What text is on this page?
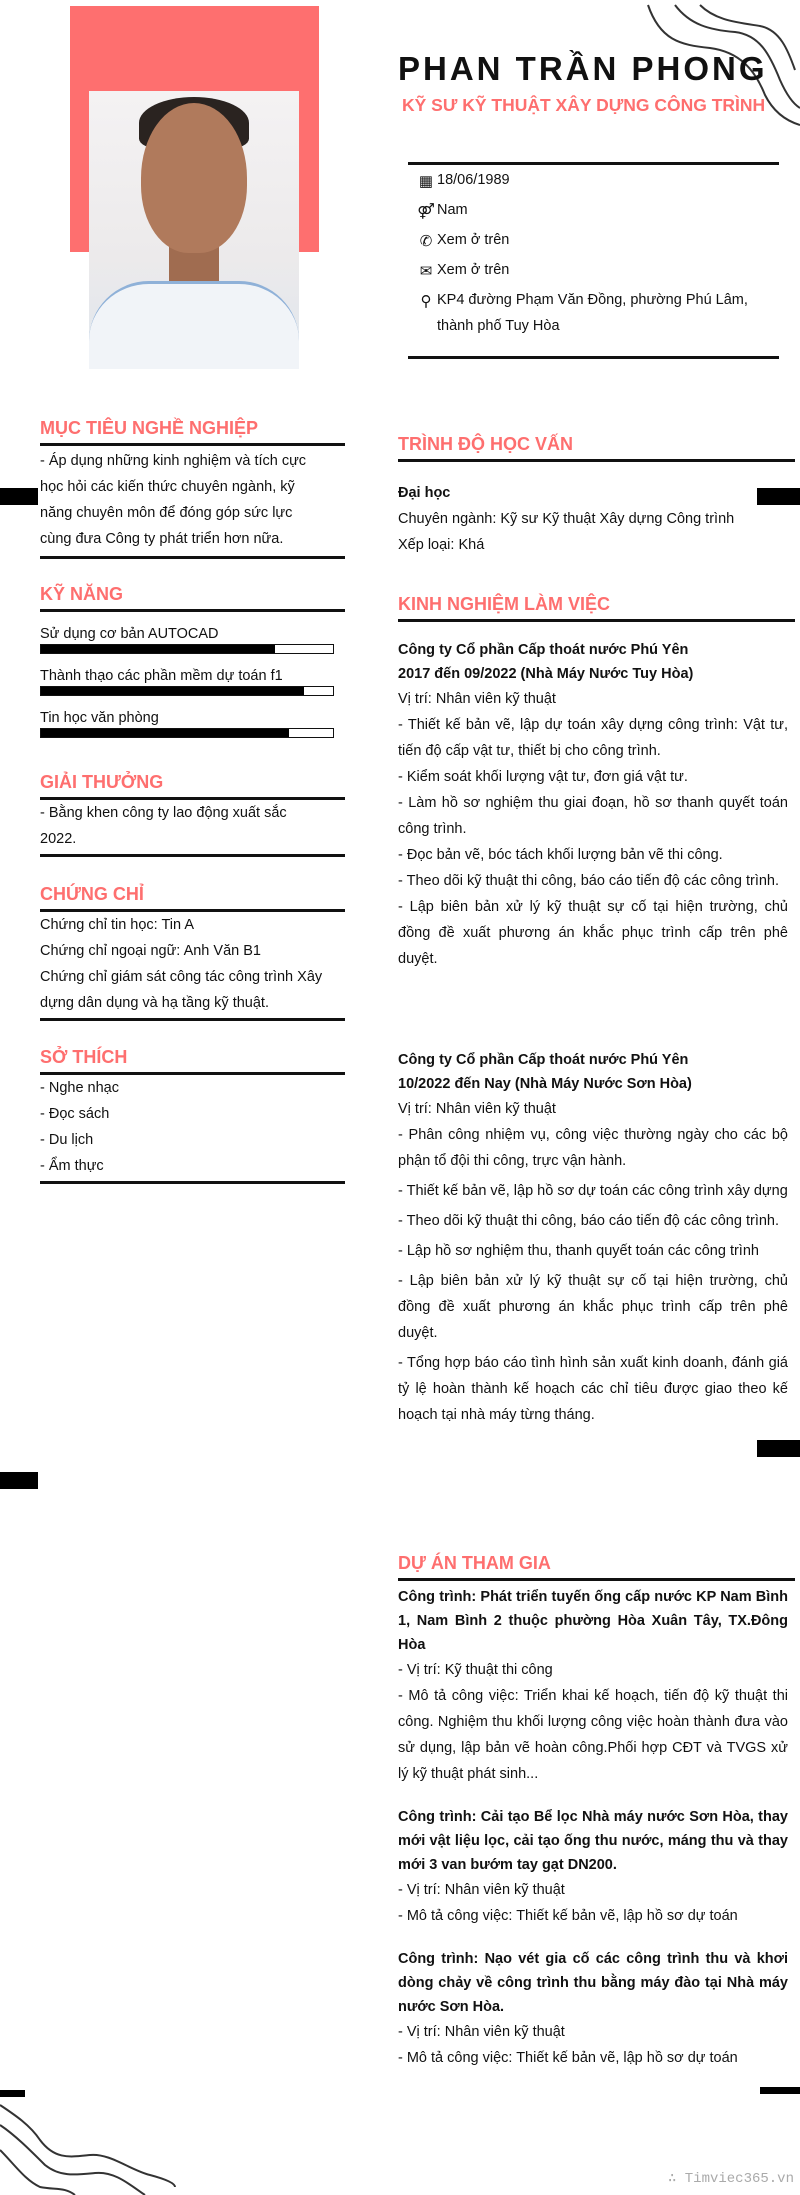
PHAN TRẦN PHONG
KỸ SƯ KỸ THUẬT XÂY DỰNG CÔNG TRÌNH
▦ 18/06/1989
⚤ Nam
✆ Xem ở trên
✉ Xem ở trên
⚲ KP4 đường Phạm Văn Đồng, phường Phú Lâm, thành phố Tuy Hòa
MỤC TIÊU NGHỀ NGHIỆP
- Áp dụng những kinh nghiệm và tích cực học hỏi các kiến thức chuyên ngành, kỹ năng chuyên môn để đóng góp sức lực cùng đưa Công ty phát triển hơn nữa.
KỸ NĂNG
Sử dụng cơ bản AUTOCAD
Thành thạo các phần mềm dự toán f1
Tin học văn phòng
GIẢI THƯỞNG
- Bằng khen công ty lao động xuất sắc 2022.
CHỨNG CHỈ
Chứng chỉ tin học: Tin A
Chứng chỉ ngoại ngữ: Anh Văn B1
Chứng chỉ giám sát công tác công trình Xây dựng dân dụng và hạ tầng kỹ thuật.
SỞ THÍCH
- Nghe nhạc
- Đọc sách
- Du lịch
- Ẩm thực
TRÌNH ĐỘ HỌC VẤN
Đại học
Chuyên ngành: Kỹ sư Kỹ thuật Xây dựng Công trình
Xếp loại: Khá
KINH NGHIỆM LÀM VIỆC
Công ty Cổ phần Cấp thoát nước Phú Yên
2017 đến 09/2022 (Nhà Máy Nước Tuy Hòa)
Vị trí: Nhân viên kỹ thuật
- Thiết kế bản vẽ, lập dự toán xây dựng công trình: Vật tư, tiến độ cấp vật tư, thiết bị cho công trình.
- Kiểm soát khối lượng vật tư, đơn giá vật tư.
- Làm hồ sơ nghiệm thu giai đoạn, hồ sơ thanh quyết toán công trình.
- Đọc bản vẽ, bóc tách khối lượng bản vẽ thi công.
- Theo dõi kỹ thuật thi công, báo cáo tiến độ các công trình.
- Lập biên bản xử lý kỹ thuật sự cố tại hiện trường, chủ đồng đề xuất phương án khắc phục trình cấp trên phê duyệt.
Công ty Cổ phần Cấp thoát nước Phú Yên
10/2022 đến Nay (Nhà Máy Nước Sơn Hòa)
Vị trí: Nhân viên kỹ thuật
- Phân công nhiệm vụ, công việc thường ngày cho các bộ phận tổ đội thi công, trực vận hành.
- Thiết kế bản vẽ, lập hồ sơ dự toán các công trình xây dựng
- Theo dõi kỹ thuật thi công, báo cáo tiến độ các công trình.
- Lập hồ sơ nghiệm thu, thanh quyết toán các công trình
- Lập biên bản xử lý kỹ thuật sự cố tại hiện trường, chủ đồng đề xuất phương án khắc phục trình cấp trên phê duyệt.
- Tổng hợp báo cáo tình hình sản xuất kinh doanh, đánh giá tỷ lệ hoàn thành kế hoạch các chỉ tiêu được giao theo kế hoạch tại nhà máy từng tháng.
DỰ ÁN THAM GIA
Công trình: Phát triển tuyến ống cấp nước KP Nam Bình 1, Nam Bình 2 thuộc phường Hòa Xuân Tây, TX.Đông Hòa
- Vị trí: Kỹ thuật thi công
- Mô tả công việc: Triển khai kế hoạch, tiến độ kỹ thuật thi công. Nghiệm thu khối lượng công việc hoàn thành đưa vào sử dụng, lập bản vẽ hoàn công.Phối hợp CĐT và TVGS xử lý kỹ thuật phát sinh...
Công trình: Cải tạo Bể lọc Nhà máy nước Sơn Hòa, thay mới vật liệu lọc, cải tạo ống thu nước, máng thu và thay mới 3 van bướm tay gạt DN200.
- Vị trí: Nhân viên kỹ thuật
- Mô tả công việc: Thiết kế bản vẽ, lập hồ sơ dự toán
Công trình: Nạo vét gia cố các công trình thu và khơi dòng chảy về công trình thu bằng máy đào tại Nhà máy nước Sơn Hòa.
- Vị trí: Nhân viên kỹ thuật
- Mô tả công việc: Thiết kế bản vẽ, lập hồ sơ dự toán
∴ Timviec365.vn
